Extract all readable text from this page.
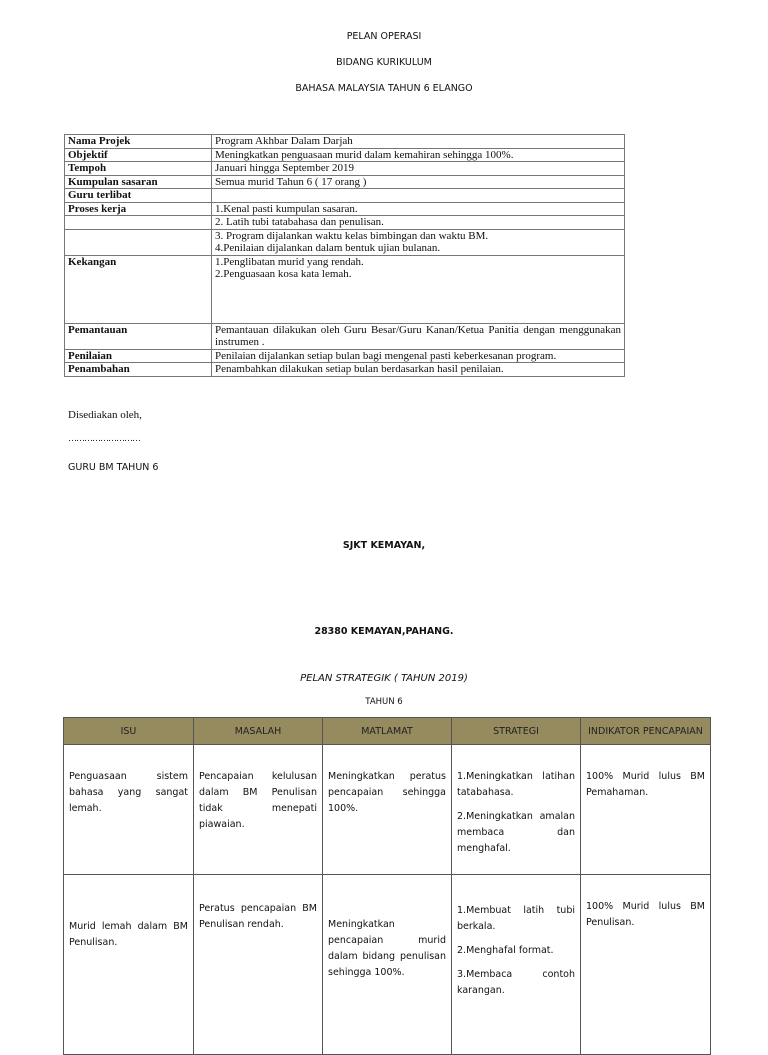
PELAN OPERASI
BIDANG KURIKULUM
BAHASA MALAYSIA TAHUN 6 ELANGO
Nama Projek	Program Akhbar Dalam Darjah
Objektif	Meningkatkan penguasaan murid dalam kemahiran sehingga 100%.
Tempoh	Januari hingga September 2019
Kumpulan sasaran	Semua murid Tahun 6 ( 17 orang )
Guru terlibat	
Proses kerja	1.Kenal pasti kumpulan sasaran.
	2. Latih tubi tatabahasa dan penulisan.

	3. Program dijalankan waktu kelas bimbingan dan waktu BM.
4.Penilaian dijalankan dalam bentuk ujian bulanan.

Kekangan	1.Penglibatan murid yang rendah.
2.Penguasaan kosa kata lemah.

Pemantauan	Pemantauan dilakukan oleh Guru Besar/Guru Kanan/Ketua Panitia dengan menggunakan instrumen .
Penilaian	Penilaian dijalankan setiap bulan bagi mengenal pasti keberkesanan program.
Penambahan	Penambahkan dilakukan setiap bulan berdasarkan hasil penilaian.
Disediakan oleh,
………………………
GURU BM TAHUN 6
SJKT KEMAYAN,
28380 KEMAYAN,PAHANG.
PELAN STRATEGIK ( TAHUN 2019)
TAHUN 6
ISU	MASALAH	MATLAMAT	STRATEGI	INDIKATOR PENCAPAIAN

Penguasaan sistem bahasa yang sangat lemah.	Pencapaian kelulusan dalam BM Penulisan tidak menepati piawaian.	Meningkatkan peratus pencapaian sehingga 100%.	1.Meningkatkan latihan tatabahasa.

2.Meningkatkan amalan membaca dan menghafal.	100% Murid lulus BM Pemahaman.

Murid lemah dalam BM Penulisan.	Peratus pencapaian BM Penulisan rendah.	Meningkatkan pencapaian murid dalam bidang penulisan sehingga 100%.	1.Membuat latih tubi berkala.

2.Menghafal format.

3.Membaca contoh karangan.	100% Murid lulus BM Penulisan.
